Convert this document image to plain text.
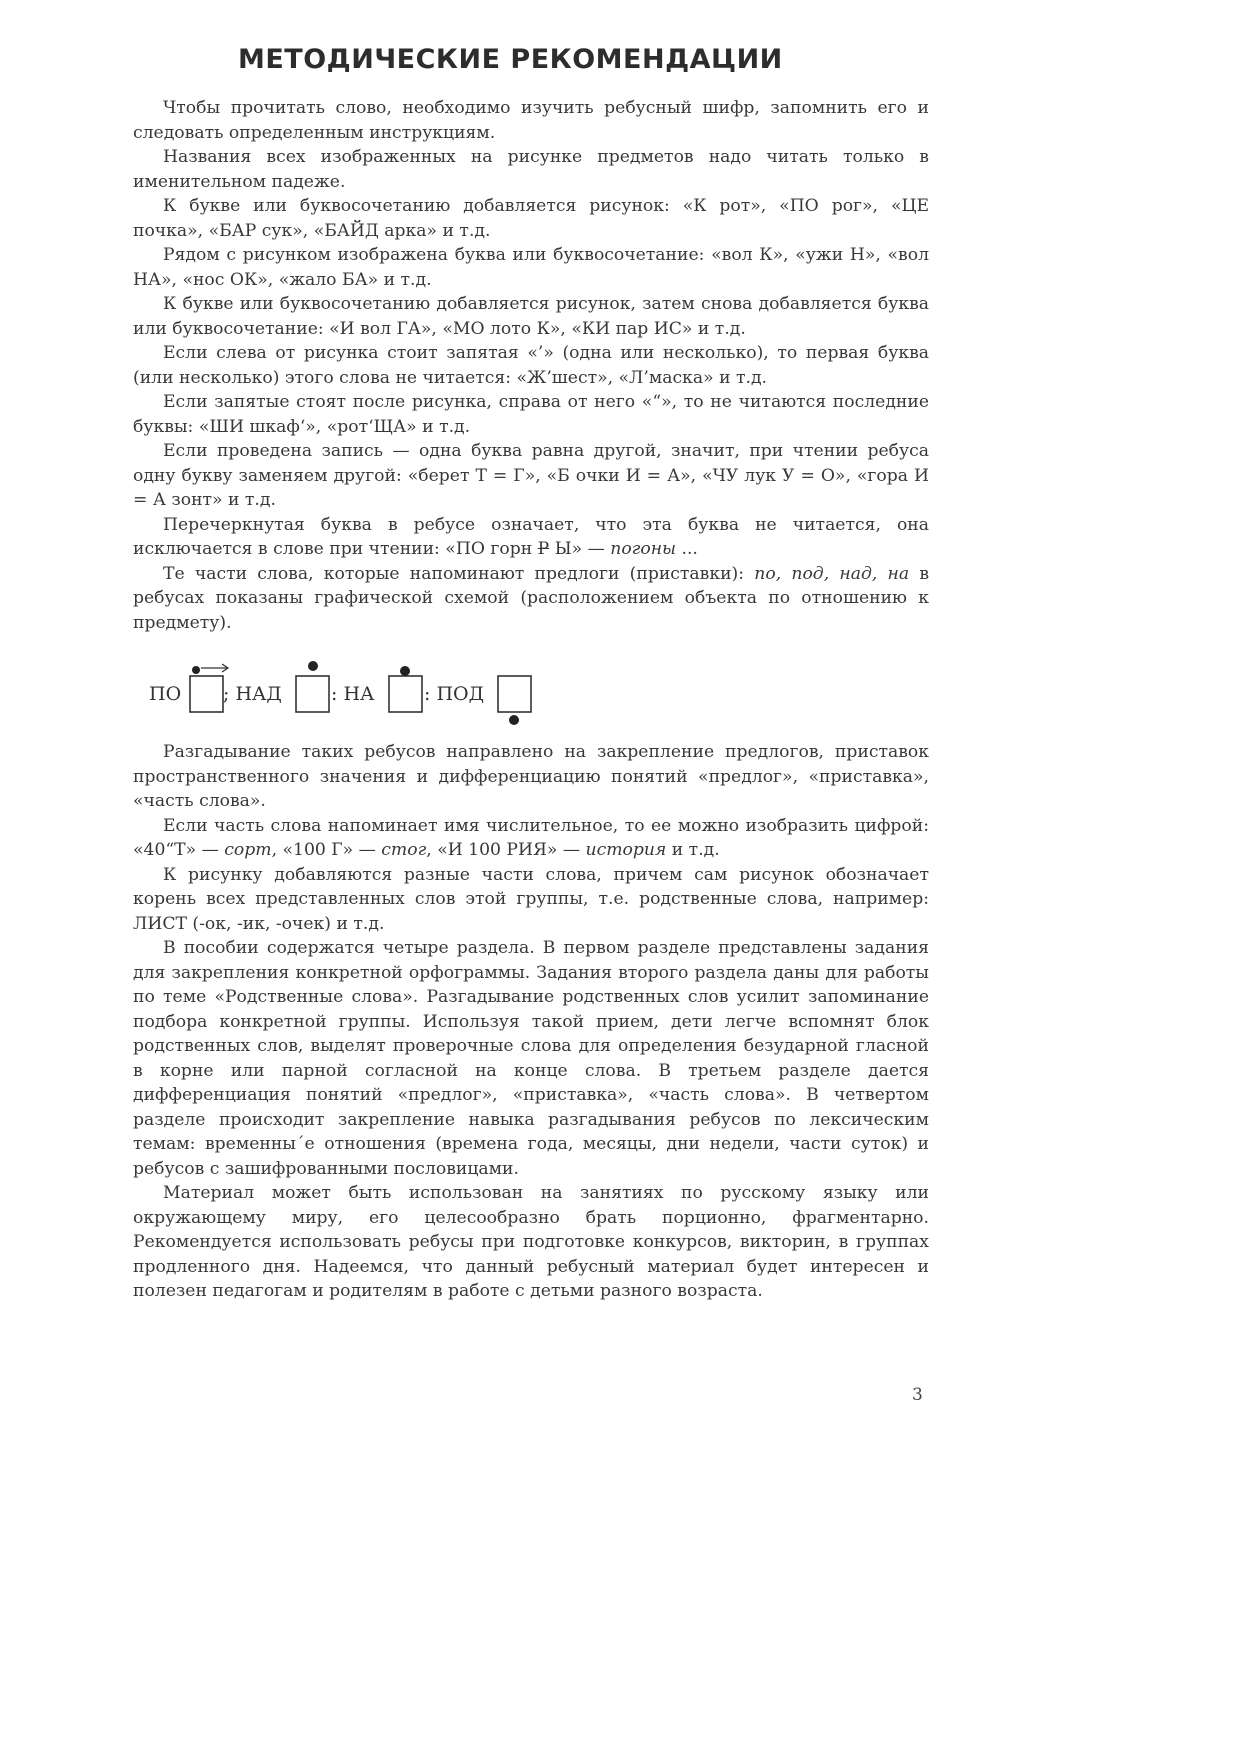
МЕТОДИЧЕСКИЕ РЕКОМЕНДАЦИИ

Чтобы прочитать слово, необходимо изучить ребусный шифр, запомнить его и следовать определенным инструкциям.

Названия всех изображенных на рисунке предметов надо читать только в именительном падеже.

К букве или буквосочетанию добавляется рисунок: «К рот», «ПО рог», «ЦЕ почка», «БАР сук», «БАЙД арка» и т.д.

Рядом с рисунком изображена буква или буквосочетание: «вол К», «ужи Н», «вол НА», «нос ОК», «жало БА» и т.д.

К букве или буквосочетанию добавляется рисунок, затем снова добавляется буква или буквосочетание: «И вол ГА», «МО лото К», «КИ пар ИС» и т.д.

Если слева от рисунка стоит запятая «’» (одна или несколько), то первая буква (или несколько) этого слова не читается: «Ж’шест», «Л’маска» и т.д.

Если запятые стоят после рисунка, справа от него «“», то не читаются последние буквы: «ШИ шкаф‘», «рот‘ЩА» и т.д.

Если проведена запись — одна буква равна другой, значит, при чтении ребуса одну букву заменяем другой: «берет Т = Г», «Б очки И = А», «ЧУ лук У = О», «гора И = А зонт» и т.д.

Перечеркнутая буква в ребусе означает, что эта буква не читается, она исключается в слове при чтении: «ПО горн Р Ы» — погоны ...

Те части слова, которые напоминают предлоги (приставки): по, под, над, на в ребусах показаны графической схемой (расположением объекта по отношению к предмету).

ПО ; НАД	: НА	: ПОД

Разгадывание таких ребусов направлено на закрепление предлогов, приставок пространственного значения и дифференциацию понятий «предлог», «приставка», «часть слова».

Если часть слова напоминает имя числительное, то ее можно изобразить цифрой: «40“Т» — сорт, «100 Г» — стог, «И 100 РИЯ» — история и т.д.

К рисунку добавляются разные части слова, причем сам рисунок обозначает корень всех представленных слов этой группы, т.е. родственные слова, например: ЛИСТ (-ок, -ик, -очек) и т.д.

В пособии содержатся четыре раздела. В первом разделе представлены задания для закрепления конкретной орфограммы. Задания второго раздела даны для работы по теме «Родственные слова». Разгадывание родственных слов усилит запоминание подбора конкретной группы. Используя такой прием, дети легче вспомнят блок родственных слов, выделят проверочные слова для определения безударной гласной в корне или парной согласной на конце слова. В третьем разделе дается дифференциация понятий «предлог», «приставка», «часть слова». В четвертом разделе происходит закрепление навыка разгадывания ребусов по лексическим темам: временны´е отношения (времена года, месяцы, дни недели, части суток) и ребусов с зашифрованными пословицами.

Материал может быть использован на занятиях по русскому языку или окружающему миру, его целесообразно брать порционно, фрагментарно. Рекомендуется использовать ребусы при подготовке конкурсов, викторин, в группах продленного дня. Надеемся, что данный ребусный материал будет интересен и полезен педагогам и родителям в работе с детьми разного возраста.

3
